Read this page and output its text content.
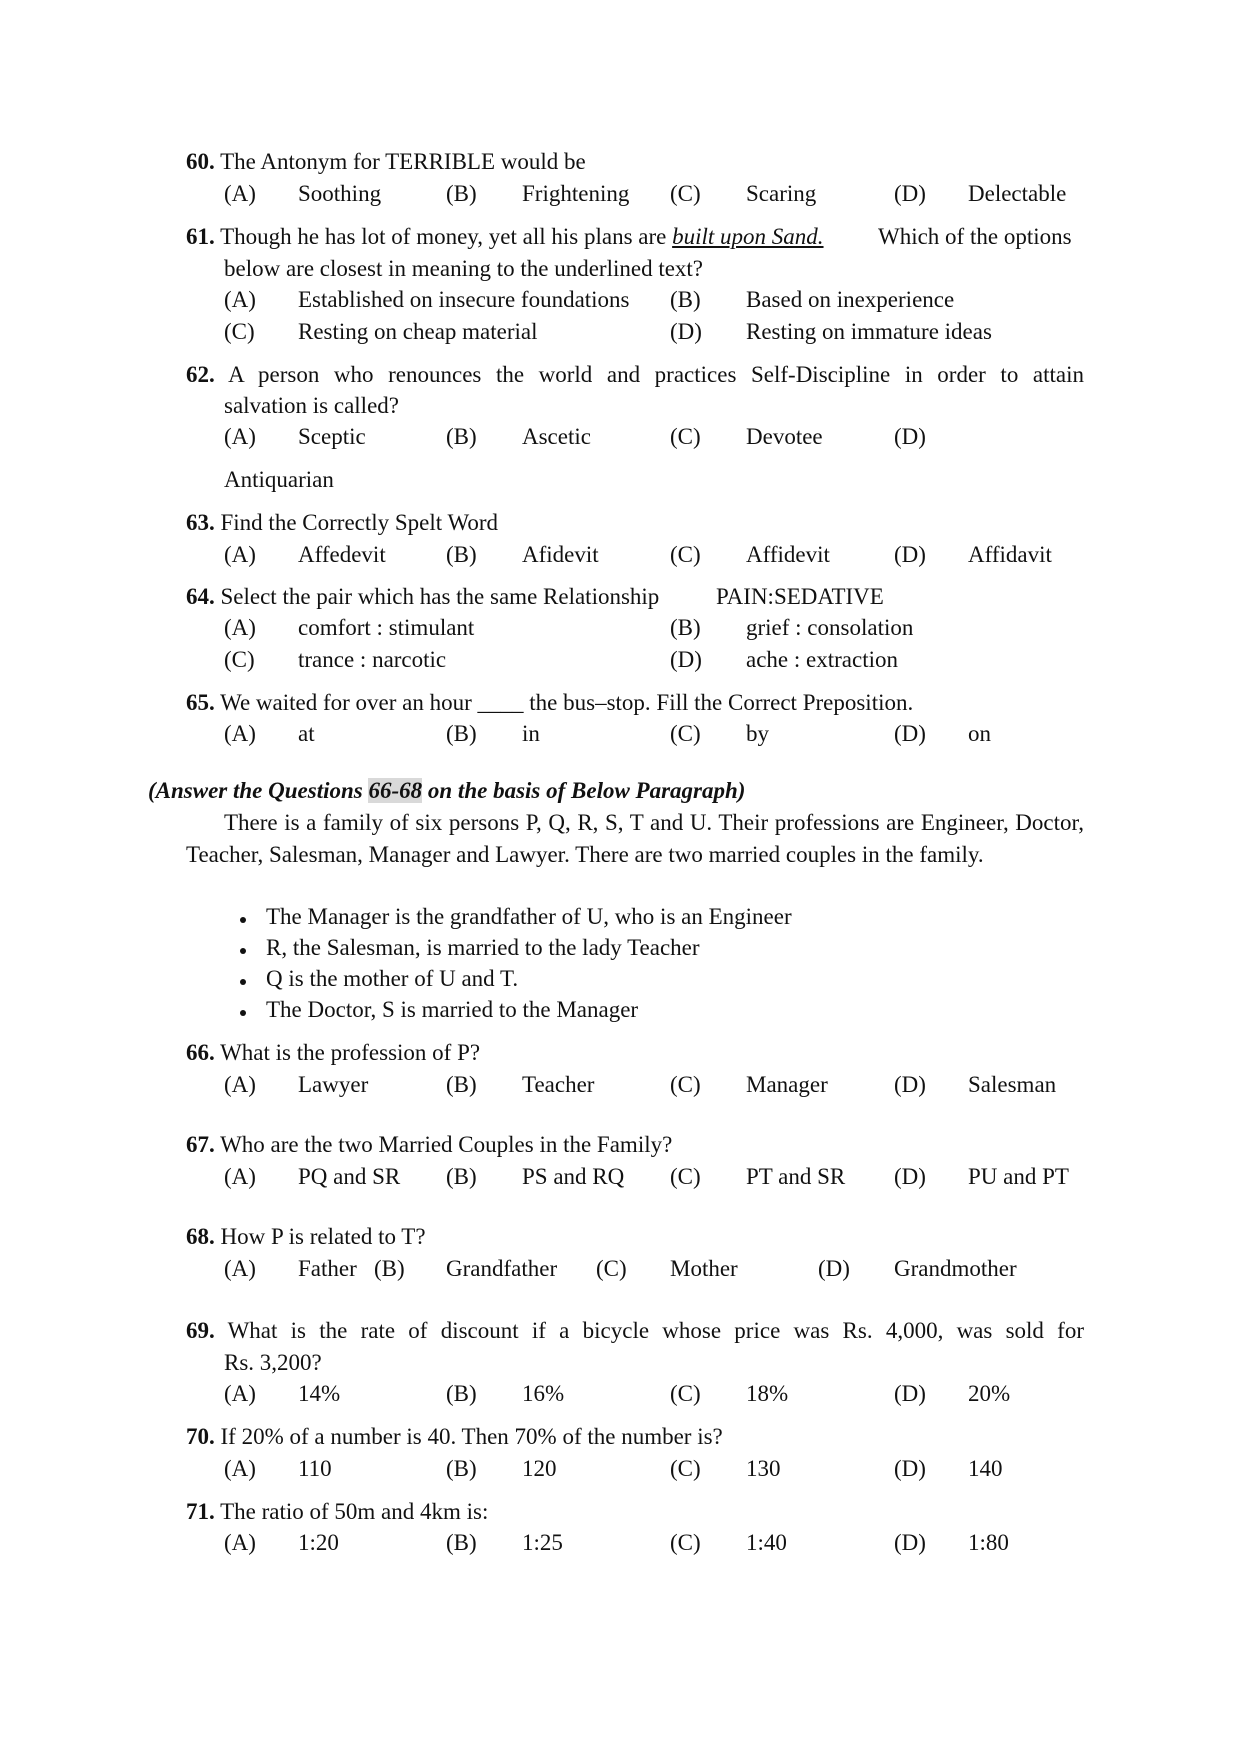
60. The Antonym for TERRIBLE would be
(A) Soothing	(B) Frightening (C) Scaring	(D) Delectable
61. Though he has lot of money, yet all his plans are built upon Sand. Which of the options
below are closest in meaning to the underlined text?
(A) Established on insecure foundations (B) Based on inexperience
(C) Resting on cheap material	(D) Resting on immature ideas
62. A person who renounces the world and practices Self-Discipline in order to attain
salvation is called?
(A) Sceptic	(B) Ascetic	(C) Devotee	(D)
Antiquarian
63. Find the Correctly Spelt Word
(A) Affedevit	(B) Afidevit	(C) Affidevit	(D) Affidavit
64. Select the pair which has the same Relationship PAIN:SEDATIVE
(A) comfort : stimulant	(B) grief : consolation
(C) trance : narcotic	(D) ache : extraction
65. We waited for over an hour ____ the bus–stop. Fill the Correct Preposition.
(A) at	(B) in	(C) by	(D) on
(Answer the Questions 66-68 on the basis of Below Paragraph)
There is a family of six persons P, Q, R, S, T and U. Their professions are Engineer, Doctor, Teacher, Salesman, Manager and Lawyer. There are two married couples in the family.
The Manager is the grandfather of U, who is an Engineer
R, the Salesman, is married to the lady Teacher
Q is the mother of U and T.
The Doctor, S is married to the Manager
66. What is the profession of P?
(A) Lawyer	(B) Teacher	(C) Manager	(D) Salesman
67. Who are the two Married Couples in the Family?
(A) PQ and SR (B) PS and RQ (C) PT and SR (D) PU and PT
68. How P is related to T?
(A) Father (B) Grandfather (C) Mother	(D) Grandmother
69. What is the rate of discount if a bicycle whose price was Rs. 4,000, was sold for
Rs. 3,200?
(A) 14%	(B) 16%	(C) 18%	(D) 20%
70. If 20% of a number is 40. Then 70% of the number is?
(A) 110	(B) 120	(C) 130	(D) 140
71. The ratio of 50m and 4km is:
(A) 1:20	(B) 1:25	(C) 1:40	(D) 1:80
